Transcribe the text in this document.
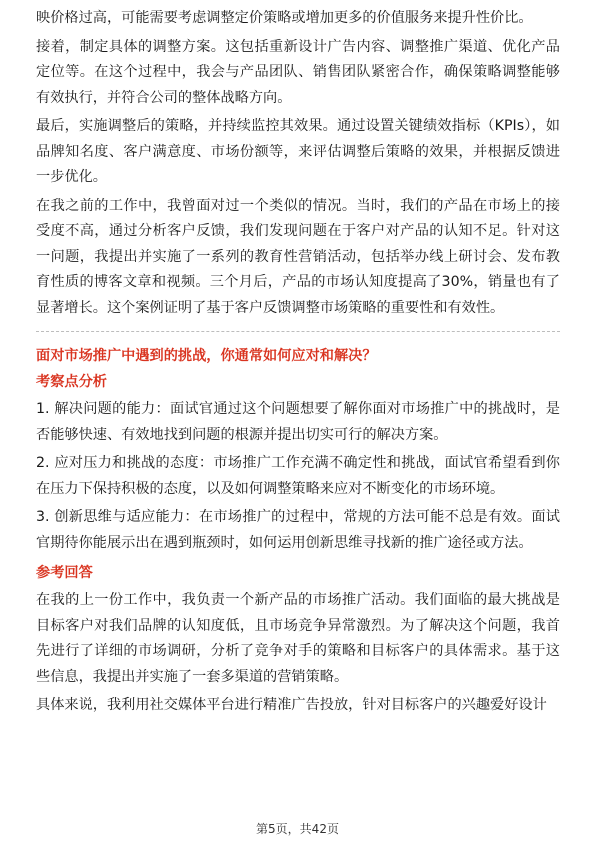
映价格过高，可能需要考虑调整定价策略或增加更多的价值服务来提升性价比。

接着，制定具体的调整方案。这包括重新设计广告内容、调整推广渠道、优化产品定位等。在这个过程中，我会与产品团队、销售团队紧密合作，确保策略调整能够有效执行，并符合公司的整体战略方向。

最后，实施调整后的策略，并持续监控其效果。通过设置关键绩效指标（KPIs），如品牌知名度、客户满意度、市场份额等，来评估调整后策略的效果，并根据反馈进一步优化。

在我之前的工作中，我曾面对过一个类似的情况。当时，我们的产品在市场上的接受度不高，通过分析客户反馈，我们发现问题在于客户对产品的认知不足。针对这一问题，我提出并实施了一系列的教育性营销活动，包括举办线上研讨会、发布教育性质的博客文章和视频。三个月后，产品的市场认知度提高了30%，销量也有了显著增长。这个案例证明了基于客户反馈调整市场策略的重要性和有效性。

面对市场推广中遇到的挑战，你通常如何应对和解决？

考察点分析

1. 解决问题的能力：面试官通过这个问题想要了解你面对市场推广中的挑战时，是否能够快速、有效地找到问题的根源并提出切实可行的解决方案。

2. 应对压力和挑战的态度：市场推广工作充满不确定性和挑战，面试官希望看到你在压力下保持积极的态度，以及如何调整策略来应对不断变化的市场环境。

3. 创新思维与适应能力：在市场推广的过程中，常规的方法可能不总是有效。面试官期待你能展示出在遇到瓶颈时，如何运用创新思维寻找新的推广途径或方法。

参考回答

在我的上一份工作中，我负责一个新产品的市场推广活动。我们面临的最大挑战是目标客户对我们品牌的认知度低，且市场竞争异常激烈。为了解决这个问题，我首先进行了详细的市场调研，分析了竞争对手的策略和目标客户的具体需求。基于这些信息，我提出并实施了一套多渠道的营销策略。

具体来说，我利用社交媒体平台进行精准广告投放，针对目标客户的兴趣爱好设计

第5页，共42页
